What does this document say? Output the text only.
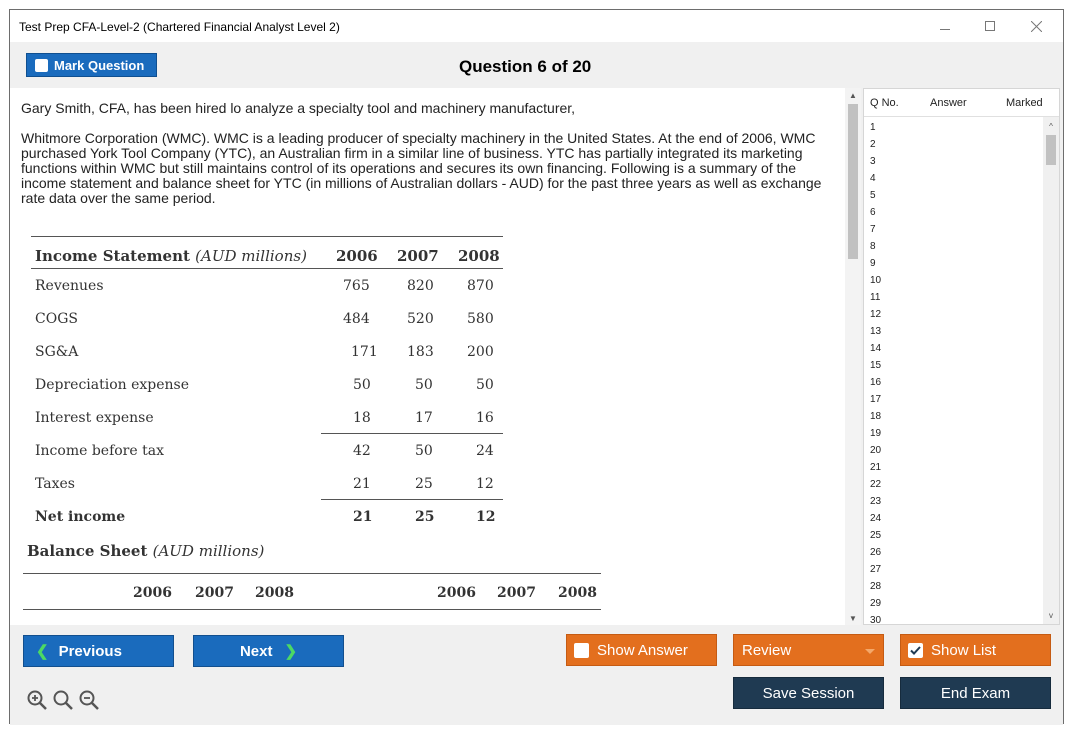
Test Prep CFA-Level-2 (Chartered Financial Analyst Level 2)
Mark Question	Question 6 of 20
Gary Smith, CFA, has been hired lo analyze a specialty tool and machinery manufacturer,
Whitmore Corporation (WMC). WMC is a leading producer of specialty machinery in the United States. At the end of 2006, WMC purchased York Tool Company (YTC), an Australian firm in a similar line of business. YTC has partially integrated its marketing functions within WMC but still maintains control of its operations and secures its own financing. Following is a summary of the income statement and balance sheet for YTC (in millions of Australian dollars - AUD) for the past three years as well as exchange rate data over the same period.
Income Statement (AUD millions) 2006 2007 2008
Revenues	765	820 870
COGS	484	520 580
SG&A	171 183 200
Depreciation expense	50	50	50
Interest expense	18	17	16
Income before tax	42	50	24
Taxes	21	25	12
Net income	21	25	12
Balance Sheet (AUD millions)
2006 2007 2008	2006 2007 2008
▲
▼
Q No.	Answer	Marked
1
2
3
4
5
6
7
8
9
10
11
12
13
14
15
16
17
18
19
20
21
22
23
24
25
26
27
28
29
30
^
v
❮ Previous	Next ❯	Show Answer	Review	Show List
Save Session	End Exam
